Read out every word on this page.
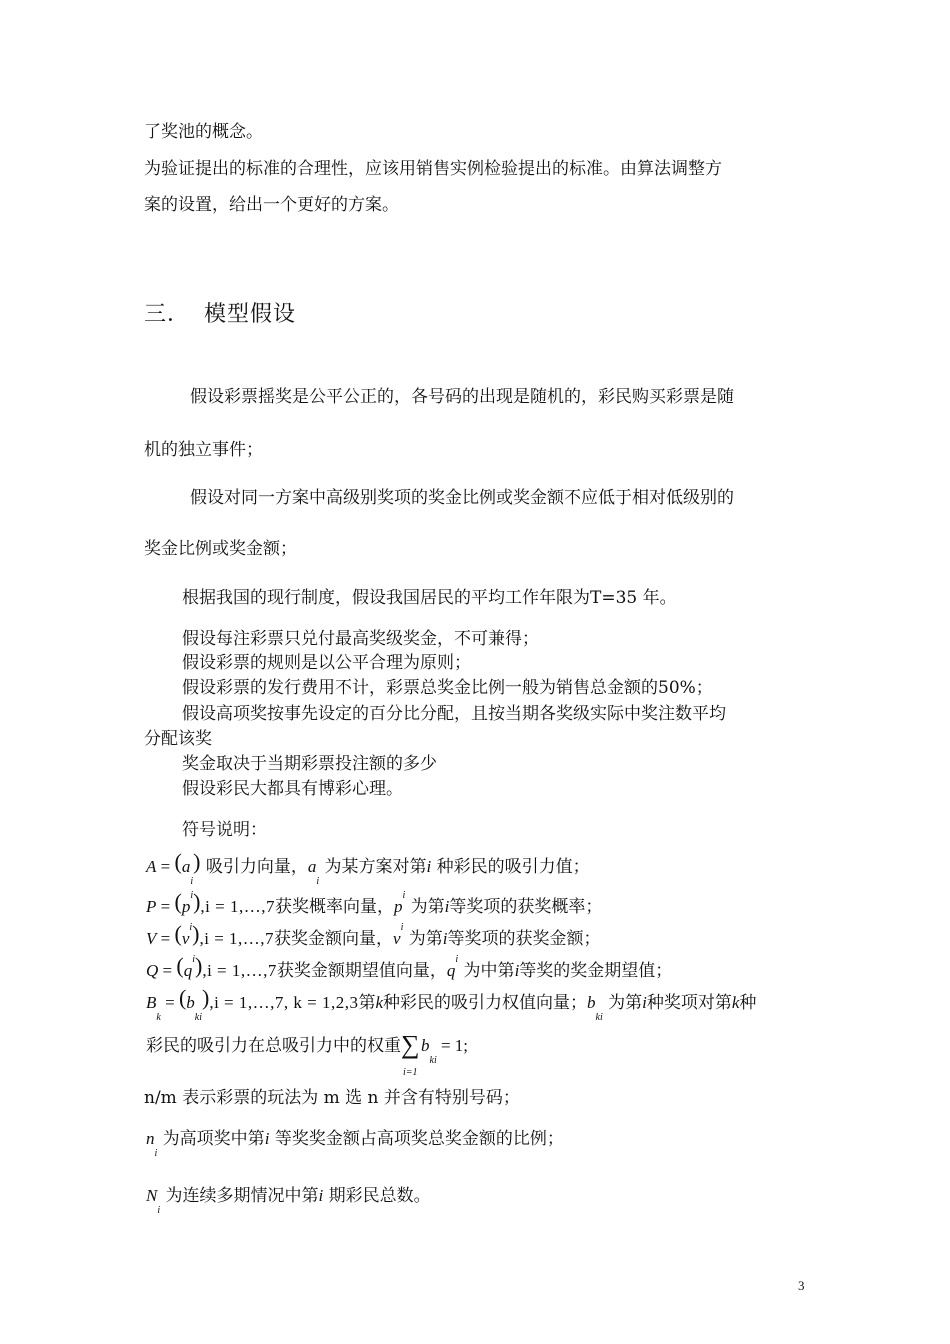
了奖池的概念。
为验证提出的标准的合理性，应该用销售实例检验提出的标准。由算法调整方
案的设置，给出一个更好的方案。
三． 模型假设
假设彩票摇奖是公平公正的，各号码的出现是随机的，彩民购买彩票是随
机的独立事件；
假设对同一方案中高级别奖项的奖金比例或奖金额不应低于相对低级别的
奖金比例或奖金额；
根据我国的现行制度，假设我国居民的平均工作年限为T=35 年。
假设每注彩票只兑付最高奖级奖金，不可兼得；
假设彩票的规则是以公平合理为原则；
假设彩票的发行费用不计，彩票总奖金比例一般为销售总金额的50%；
假设高项奖按事先设定的百分比分配，且按当期各奖级实际中奖注数平均
分配该奖
奖金取决于当期彩票投注额的多少
假设彩民大都具有博彩心理。
符号说明：
$A = (a_i)$ 吸引力向量，$a_i$ 为某方案对第i 种彩民的吸引力值；
$P = (p^i),i$ = 1,…,7获奖概率向量，$p^i$ 为第i等奖项的获奖概率；
$V = (v^i),i$ = 1,…,7获奖金额向量，$v^i$ 为第i等奖项的获奖金额；
$Q = (q^i),i$ = 1,…,7获奖金额期望值向量，$q^i$ 为中第i等奖的奖金期望值；
$B_k = (b_{ki}),i$ = 1,…,7, k = 1,2,3第k种彩民的吸引力权值向量；$b_{ki}$ 为第i种奖项对第k种
彩民的吸引力在总吸引力中的权重∑
i=1
$b_{ki} = 1$;
n/m 表示彩票的玩法为 m 选 n 并含有特别号码；
$n_i$ 为高项奖中第i 等奖奖金额占高项奖总奖金额的比例；
$N_i$ 为连续多期情况中第i 期彩民总数。
3
